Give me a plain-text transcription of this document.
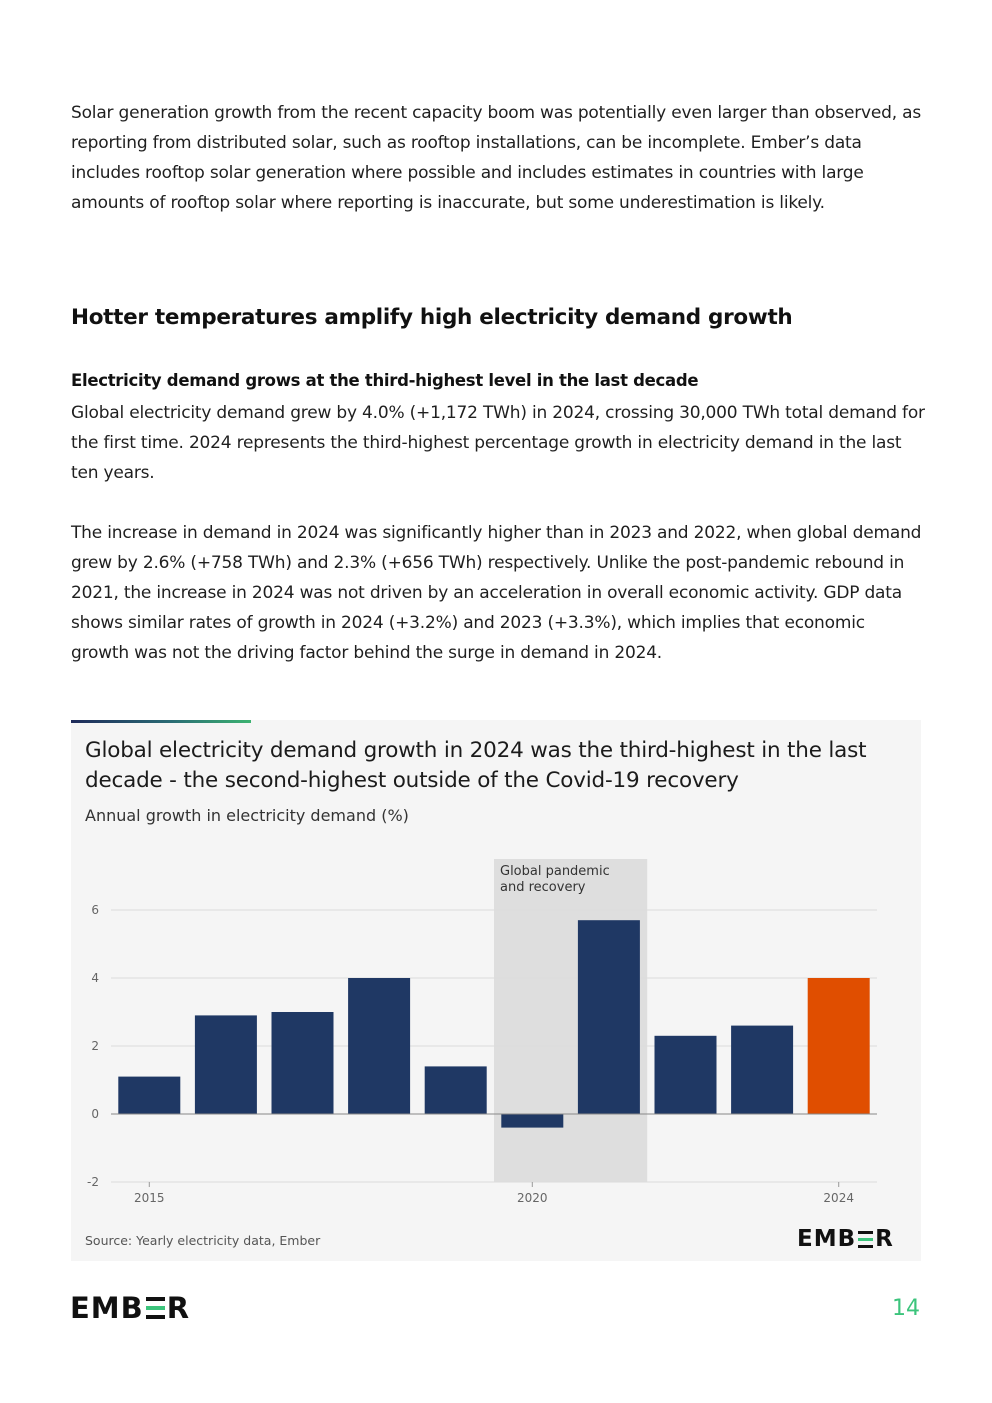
Solar generation growth from the recent capacity boom was potentially even larger than observed, as reporting from distributed solar, such as rooftop installations, can be incomplete. Ember’s data includes rooftop solar generation where possible and includes estimates in countries with large amounts of rooftop solar where reporting is inaccurate, but some underestimation is likely.

Hotter temperatures amplify high electricity demand growth
Electricity demand grows at the third-highest level in the last decade

Global electricity demand grew by 4.0% (+1,172 TWh) in 2024, crossing 30,000 TWh total demand for the first time. 2024 represents the third-highest percentage growth in electricity demand in the last ten years.

The increase in demand in 2024 was significantly higher than in 2023 and 2022, when global demand grew by 2.6% (+758 TWh) and 2.3% (+656 TWh) respectively. Unlike the post-pandemic rebound in 2021, the increase in 2024 was not driven by an acceleration in overall economic activity. GDP data shows similar rates of growth in 2024 (+3.2%) and 2023 (+3.3%), which implies that economic growth was not the driving factor behind the surge in demand in 2024.

Global electricity demand growth in 2024 was the third-highest in the last decade - the second-highest outside of the Covid-19 recovery

Annual growth in electricity demand (%)

Global pandemic
and recovery
6
4
2
0
-2
2015	2020	2024
Source: Yearly electricity data, Ember	EMB R
EMB R	14
